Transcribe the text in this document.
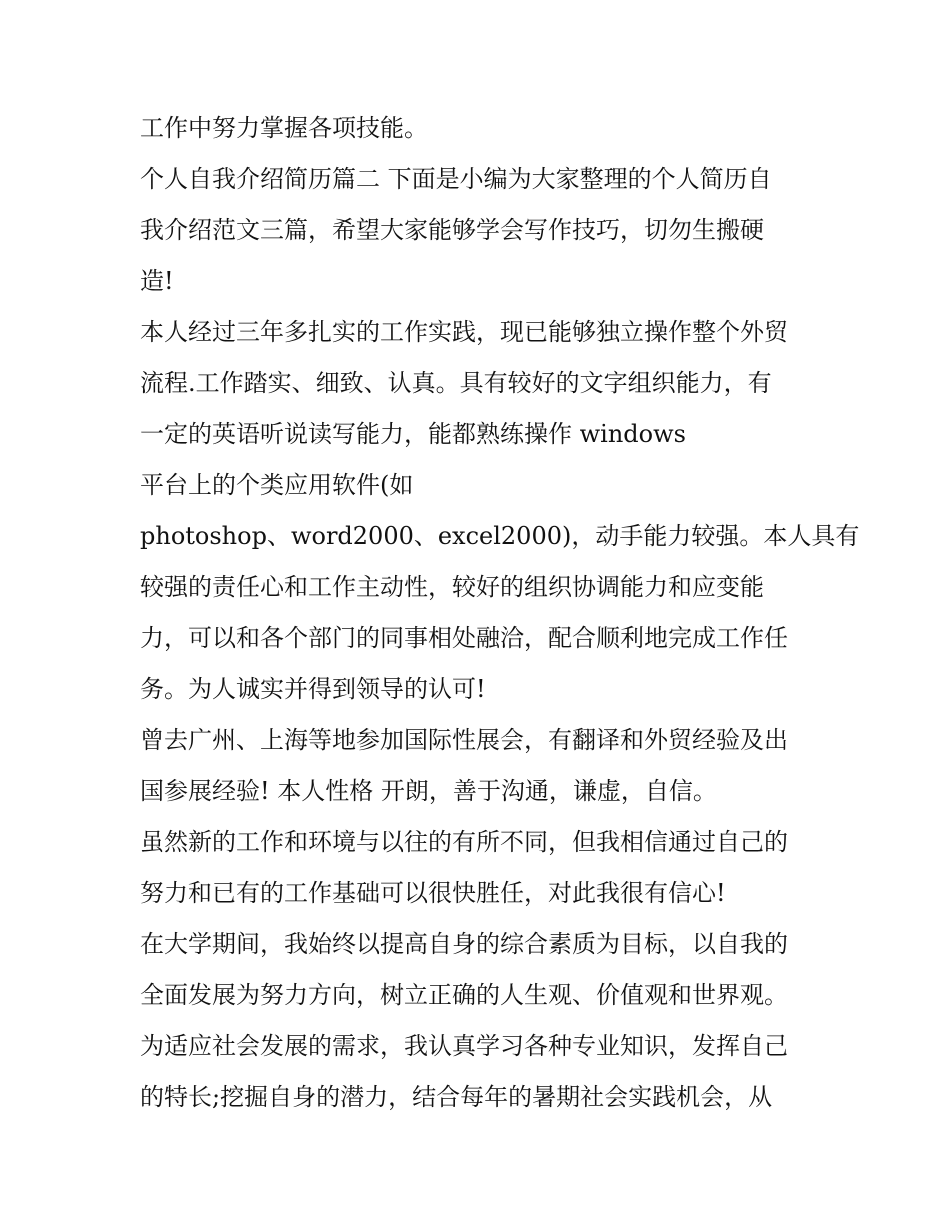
工作中努力掌握各项技能。
个人自我介绍简历篇二 下面是小编为大家整理的个人简历自
我介绍范文三篇，希望大家能够学会写作技巧，切勿生搬硬
造!
本人经过三年多扎实的工作实践，现已能够独立操作整个外贸
流程.工作踏实、细致、认真。具有较好的文字组织能力，有
一定的英语听说读写能力，能都熟练操作 windows
平台上的个类应用软件(如
photoshop、word2000、excel2000)，动手能力较强。本人具有
较强的责任心和工作主动性，较好的组织协调能力和应变能
力，可以和各个部门的同事相处融洽，配合顺利地完成工作任
务。为人诚实并得到领导的认可!
曾去广州、上海等地参加国际性展会，有翻译和外贸经验及出
国参展经验! 本人性格 开朗，善于沟通，谦虚，自信。
虽然新的工作和环境与以往的有所不同，但我相信通过自己的
努力和已有的工作基础可以很快胜任，对此我很有信心!
在大学期间，我始终以提高自身的综合素质为目标，以自我的
全面发展为努力方向，树立正确的人生观、价值观和世界观。
为适应社会发展的需求，我认真学习各种专业知识，发挥自己
的特长;挖掘自身的潜力，结合每年的暑期社会实践机会，从
